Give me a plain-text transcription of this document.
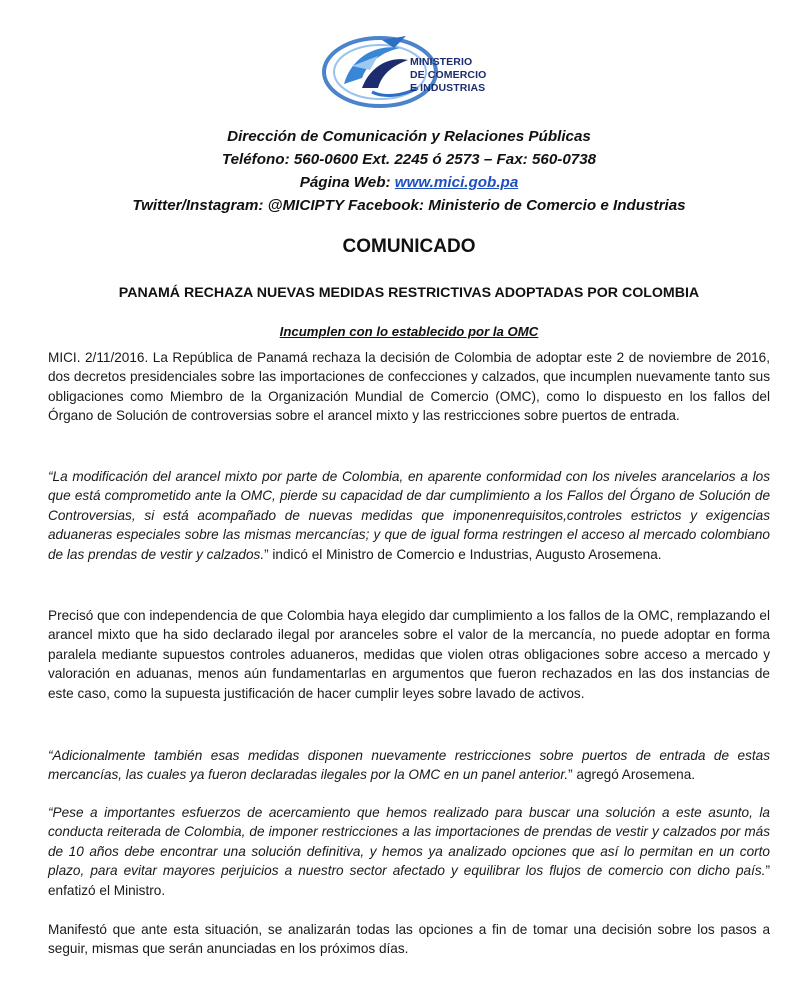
MINISTERIO
DE COMERCIO
E INDUSTRIAS
Dirección de Comunicación y Relaciones Públicas
Teléfono: 560-0600 Ext. 2245 ó 2573 – Fax: 560-0738
Página Web: www.mici.gob.pa
Twitter/Instagram: @MICIPTY Facebook: Ministerio de Comercio e Industrias
COMUNICADO
PANAMÁ RECHAZA NUEVAS MEDIDAS RESTRICTIVAS ADOPTADAS POR COLOMBIA
Incumplen con lo establecido por la OMC

MICI. 2/11/2016. La República de Panamá rechaza la decisión de Colombia de adoptar este 2 de noviembre de 2016, dos decretos presidenciales sobre las importaciones de confecciones y calzados, que incumplen nuevamente tanto sus obligaciones como Miembro de la Organización Mundial de Comercio (OMC), como lo dispuesto en los fallos del Órgano de Solución de controversias sobre el arancel mixto y las restricciones sobre puertos de entrada.

“La modificación del arancel mixto por parte de Colombia, en aparente conformidad con los niveles arancelarios a los que está comprometido ante la OMC, pierde su capacidad de dar cumplimiento a los Fallos del Órgano de Solución de Controversias, si está acompañado de nuevas medidas que imponenrequisitos,controles estrictos y exigencias aduaneras especiales sobre las mismas mercancías; y que de igual forma restringen el acceso al mercado colombiano de las prendas de vestir y calzados.” indicó el Ministro de Comercio e Industrias, Augusto Arosemena.

Precisó que con independencia de que Colombia haya elegido dar cumplimiento a los fallos de la OMC, remplazando el arancel mixto que ha sido declarado ilegal por aranceles sobre el valor de la mercancía, no puede adoptar en forma paralela mediante supuestos controles aduaneros, medidas que violen otras obligaciones sobre acceso a mercado y valoración en aduanas, menos aún fundamentarlas en argumentos que fueron rechazados en las dos instancias de este caso, como la supuesta justificación de hacer cumplir leyes sobre lavado de activos.

“Adicionalmente también esas medidas disponen nuevamente restricciones sobre puertos de entrada de estas mercancías, las cuales ya fueron declaradas ilegales por la OMC en un panel anterior.” agregó Arosemena.

“Pese a importantes esfuerzos de acercamiento que hemos realizado para buscar una solución a este asunto, la conducta reiterada de Colombia, de imponer restricciones a las importaciones de prendas de vestir y calzados por más de 10 años debe encontrar una solución definitiva, y hemos ya analizado opciones que así lo permitan en un corto plazo, para evitar mayores perjuicios a nuestro sector afectado y equilibrar los flujos de comercio con dicho país.” enfatizó el Ministro.

Manifestó que ante esta situación, se analizarán todas las opciones a fin de tomar una decisión sobre los pasos a seguir, mismas que serán anunciadas en los próximos días.
